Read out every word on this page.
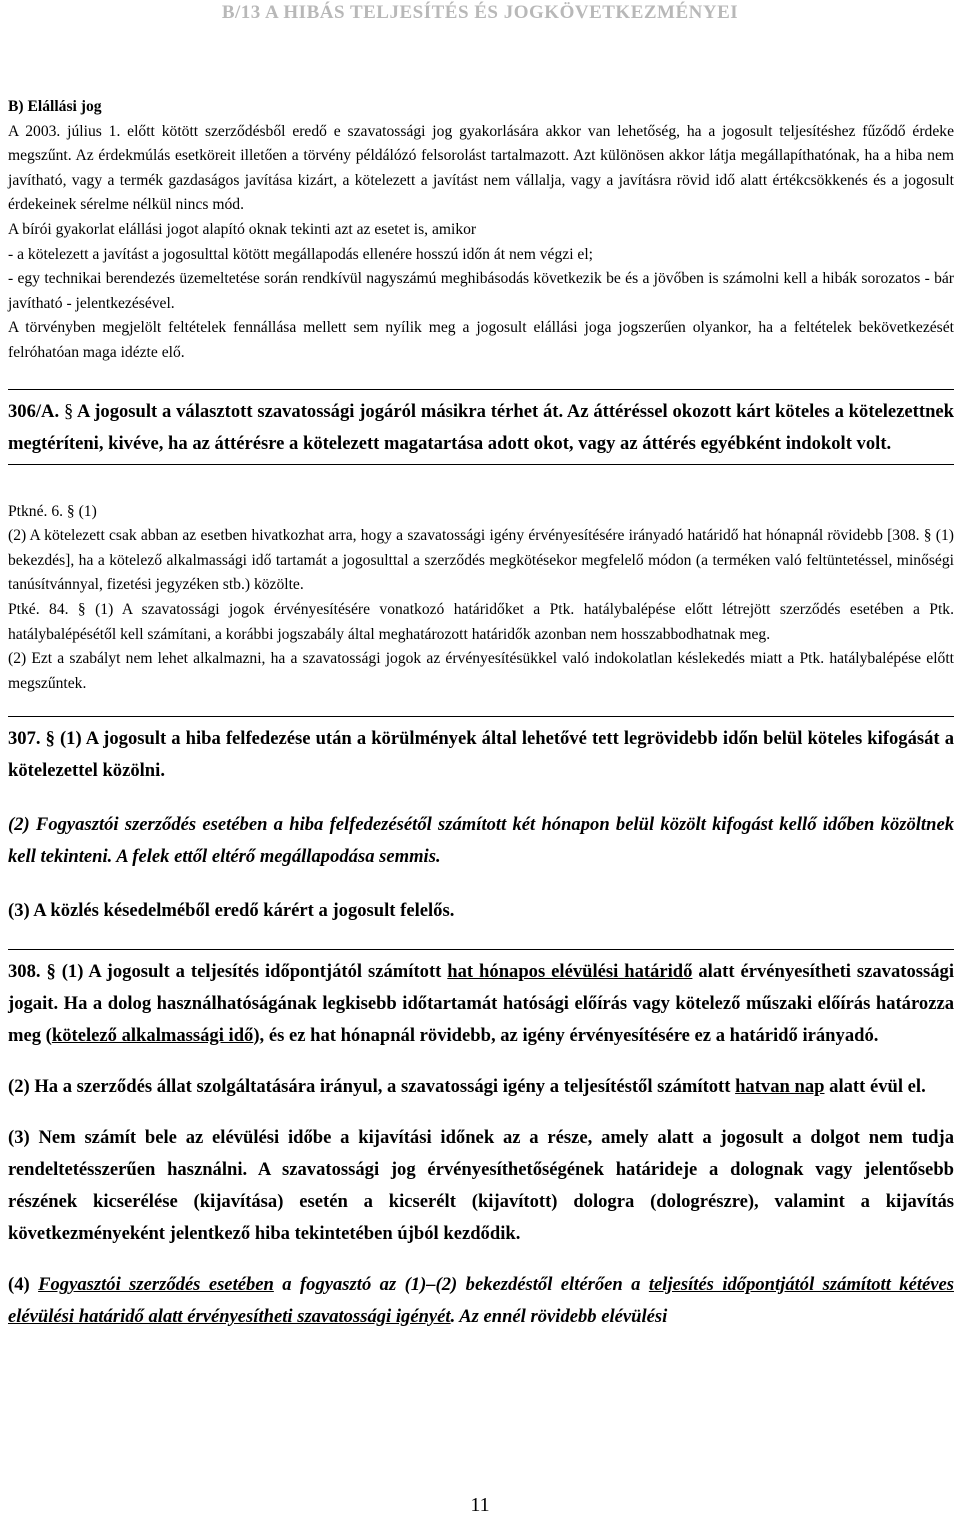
B/13 A HIBÁS TELJESÍTÉS ÉS JOGKÖVETKEZMÉNYEI

B) Elállási jog

A 2003. július 1. előtt kötött szerződésből eredő e szavatossági jog gyakorlására akkor van lehetőség, ha a jogosult teljesítéshez fűződő érdeke megszűnt. Az érdekmúlás esetköreit illetően a törvény példálózó felsorolást tartalmazott. Azt különösen akkor látja megállapíthatónak, ha a hiba nem javítható, vagy a termék gazdaságos javítása kizárt, a kötelezett a javítást nem vállalja, vagy a javításra rövid idő alatt értékcsökkenés és a jogosult érdekeinek sérelme nélkül nincs mód.

A bírói gyakorlat elállási jogot alapító oknak tekinti azt az esetet is, amikor

- a kötelezett a javítást a jogosulttal kötött megállapodás ellenére hosszú időn át nem végzi el;

- egy technikai berendezés üzemeltetése során rendkívül nagyszámú meghibásodás következik be és a jövőben is számolni kell a hibák sorozatos - bár javítható - jelentkezésével.

A törvényben megjelölt feltételek fennállása mellett sem nyílik meg a jogosult elállási joga jogszerűen olyankor, ha a feltételek bekövetkezését felróhatóan maga idézte elő.

306/A. § A jogosult a választott szavatossági jogáról másikra térhet át. Az áttéréssel okozott kárt köteles a kötelezettnek megtéríteni, kivéve, ha az áttérésre a kötelezett magatartása adott okot, vagy az áttérés egyébként indokolt volt.

Ptkné. 6. § (1)

(2) A kötelezett csak abban az esetben hivatkozhat arra, hogy a szavatossági igény érvényesítésére irányadó határidő hat hónapnál rövidebb [308. § (1) bekezdés], ha a kötelező alkalmassági idő tartamát a jogosulttal a szerződés megkötésekor megfelelő módon (a terméken való feltüntetéssel, minőségi tanúsítvánnyal, fizetési jegyzéken stb.) közölte.

Ptké. 84. § (1) A szavatossági jogok érvényesítésére vonatkozó határidőket a Ptk. hatálybalépése előtt létrejött szerződés esetében a Ptk. hatálybalépésétől kell számítani, a korábbi jogszabály által meghatározott határidők azonban nem hosszabbodhatnak meg.

(2) Ezt a szabályt nem lehet alkalmazni, ha a szavatossági jogok az érvényesítésükkel való indokolatlan késlekedés miatt a Ptk. hatálybalépése előtt megszűntek.

307. § (1) A jogosult a hiba felfedezése után a körülmények által lehetővé tett legrövidebb időn belül köteles kifogását a kötelezettel közölni.

(2) Fogyasztói szerződés esetében a hiba felfedezésétől számított két hónapon belül közölt kifogást kellő időben közöltnek kell tekinteni. A felek ettől eltérő megállapodása semmis.

(3) A közlés késedelméből eredő kárért a jogosult felelős.

308. § (1) A jogosult a teljesítés időpontjától számított hat hónapos elévülési határidő alatt érvényesítheti szavatossági jogait. Ha a dolog használhatóságának legkisebb időtartamát hatósági előírás vagy kötelező műszaki előírás határozza meg (kötelező alkalmassági idő), és ez hat hónapnál rövidebb, az igény érvényesítésére ez a határidő irányadó.

(2) Ha a szerződés állat szolgáltatására irányul, a szavatossági igény a teljesítéstől számított hatvan nap alatt évül el.

(3) Nem számít bele az elévülési időbe a kijavítási időnek az a része, amely alatt a jogosult a dolgot nem tudja rendeltetésszerűen használni. A szavatossági jog érvényesíthetőségének határideje a dolognak vagy jelentősebb részének kicserélése (kijavítása) esetén a kicserélt (kijavított) dologra (dologrészre), valamint a kijavítás következményeként jelentkező hiba tekintetében újból kezdődik.

(4) Fogyasztói szerződés esetében a fogyasztó az (1)–(2) bekezdéstől eltérően a teljesítés időpontjától számított kétéves elévülési határidő alatt érvényesítheti szavatossági igényét. Az ennél rövidebb elévülési

11
